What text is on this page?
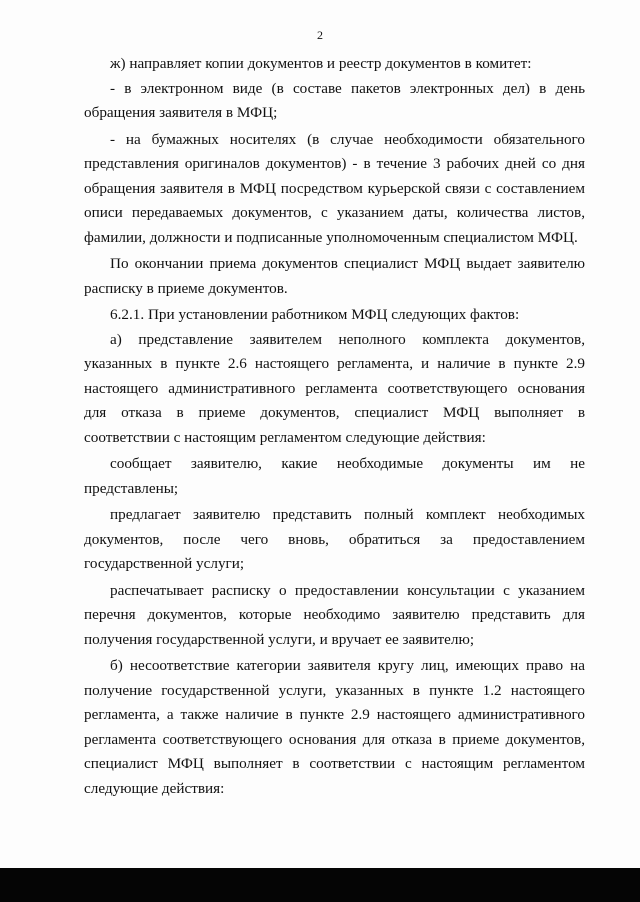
2

ж) направляет копии документов и реестр документов в комитет:

- в электронном виде (в составе пакетов электронных дел) в день обращения заявителя в МФЦ;

- на бумажных носителях (в случае необходимости обязательного представления оригиналов документов) - в течение 3 рабочих дней со дня обращения заявителя в МФЦ посредством курьерской связи с составлением описи передаваемых документов, с указанием даты, количества листов, фамилии, должности и подписанные уполномоченным специалистом МФЦ.

По окончании приема документов специалист МФЦ выдает заявителю расписку в приеме документов.

6.2.1. При установлении работником МФЦ следующих фактов:

а) представление заявителем неполного комплекта документов, указанных в пункте 2.6 настоящего регламента, и наличие в пункте 2.9 настоящего административного регламента соответствующего основания для отказа в приеме документов, специалист МФЦ выполняет в соответствии с настоящим регламентом следующие действия:

сообщает заявителю, какие необходимые документы им не представлены;

предлагает заявителю представить полный комплект необходимых документов, после чего вновь, обратиться за предоставлением государственной услуги;

распечатывает расписку о предоставлении консультации с указанием перечня документов, которые необходимо заявителю представить для получения государственной услуги, и вручает ее заявителю;

б) несоответствие категории заявителя кругу лиц, имеющих право на получение государственной услуги, указанных в пункте 1.2 настоящего регламента, а также наличие в пункте 2.9 настоящего административного регламента соответствующего основания для отказа в приеме документов, специалист МФЦ выполняет в соответствии с настоящим регламентом следующие действия:
